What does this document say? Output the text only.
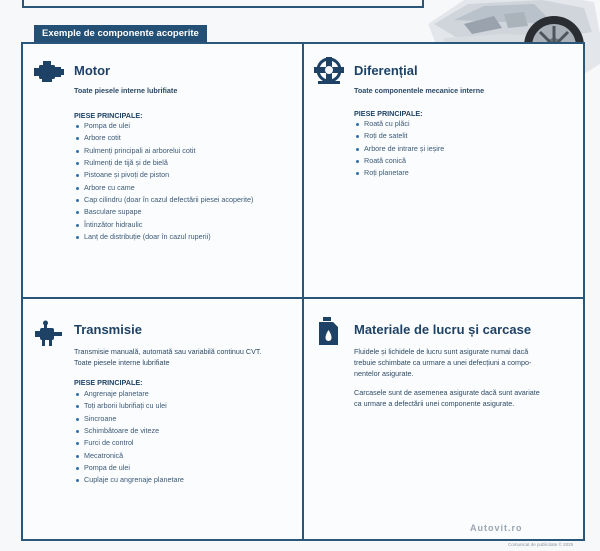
Exemple de componente acoperite
Motor
Toate piesele interne lubrifiate
PIESE PRINCIPALE:
Pompa de ulei
Arbore cotit
Rulmenți principali ai arborelui cotit
Rulmenți de tijă și de bielă
Pistoane și pivoți de piston
Arbore cu came
Cap cilindru (doar în cazul defectării piesei acoperite)
Basculare supape
Întinzător hidraulic
Lanț de distribuție (doar în cazul ruperii)
Diferențial
Toate componentele mecanice interne
PIESE PRINCIPALE:
Roată cu plăci
Roți de satelit
Arbore de intrare și ieșire
Roată conică
Roți planetare
Transmisie
Transmisie manuală, automată sau variabilă continuu CVT.
Toate piesele interne lubrifiate
PIESE PRINCIPALE:
Angrenaje planetare
Toți arborii lubrifiați cu ulei
Sincroane
Schimbătoare de viteze
Furci de control
Mecatronică
Pompa de ulei
Cuplaje cu angrenaje planetare
Materiale de lucru și carcase
Fluidele și lichidele de lucru sunt asigurate numai dacă
trebuie schimbate ca urmare a unei defecțiuni a compo-
nentelor asigurate.
Carcasele sunt de asemenea asigurate dacă sunt avariate
ca urmare a defectării unei componente asigurate.
Autovit.ro
Comunicat de publicitate © 2025
